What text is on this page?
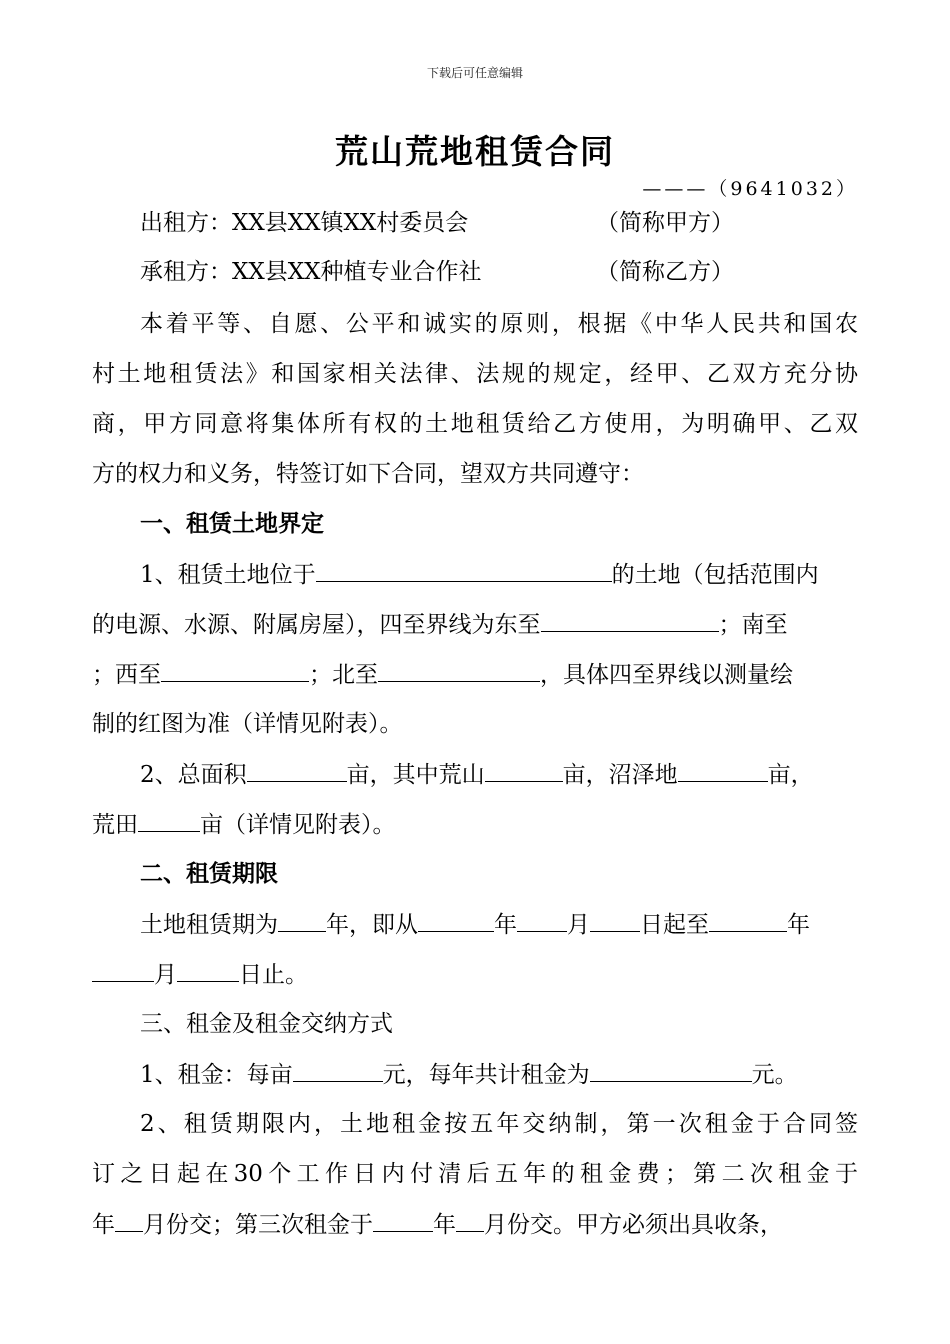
下载后可任意编辑
荒山荒地租赁合同
———（9641032）
出租方：XX县XX镇XX村委员会	（简称甲方）
承租方：XX县XX种植专业合作社	（简称乙方）
本着平等、自愿、公平和诚实的原则，根据《中华人民共和国农
村土地租赁法》和国家相关法律、法规的规定，经甲、乙双方充分协
商，甲方同意将集体所有权的土地租赁给乙方使用，为明确甲、乙双
方的权力和义务，特签订如下合同，望双方共同遵守：
一、租赁土地界定
1、租赁土地位于	的土地（包括范围内
的电源、水源、附属房屋），四至界线为东至	；南至
；西至	；北至	，具体四至界线以测量绘
制的红图为准（详情见附表）。
2、总面积	亩，其中荒山	亩，沼泽地	亩，
荒田	亩（详情见附表）。
二、租赁期限
土地租赁期为 年，即从	年 月 日起至	年
月	日止。
三、租金及租金交纳方式
1、租金：每亩	元，每年共计租金为	元。
2、租赁期限内，土地租金按五年交纳制，第一次租金于合同签
订之日起在30个工作日内付清后五年的租金费；第二次租金于
年 月份交；第三次租金于	年 月份交。甲方必须出具收条，
